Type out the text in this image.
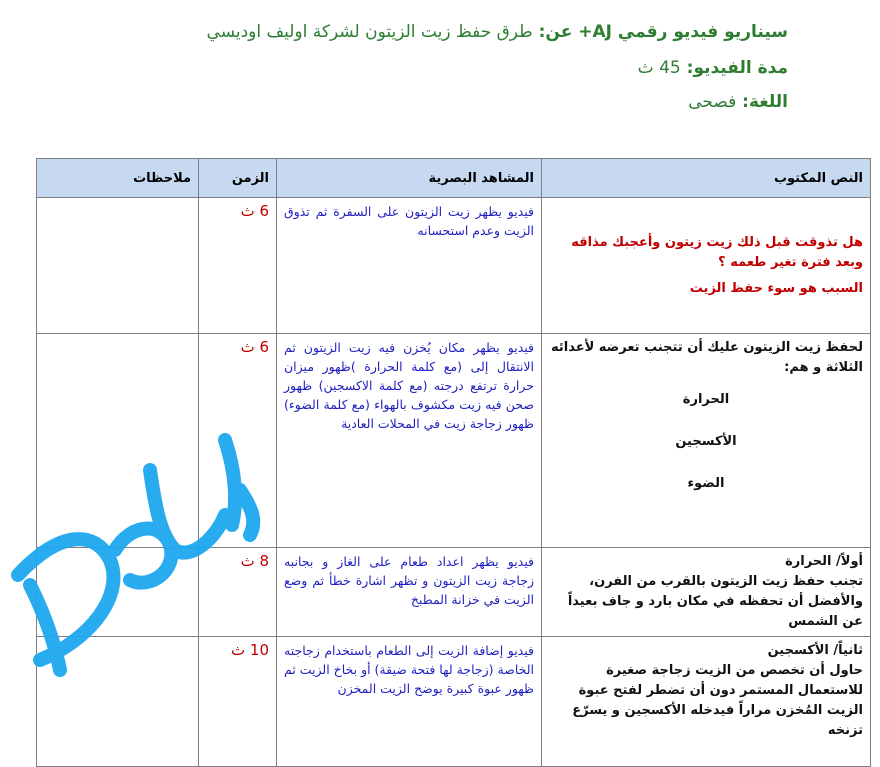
سيناريو فيديو رقمي AJ+ عن: طرق حفظ زيت الزيتون لشركة اوليف اوديسي
مدة الفيديو: 45 ث
اللغة: فصحى
النص المكتوب	المشاهد البصرية	الزمن	ملاحظات

هل تذوقت قبل ذلك زيت زيتون وأعجبك مذاقه وبعد فترة تغير طعمه ؟
السبب هو سوء حفظ الزيت	فيديو يظهر زيت الزيتون على السفرة ثم تذوق الزيت وعدم استحسانه	6 ث	

لحفظ زيت الزيتون عليك أن تتجنب تعرضه لأعدائه الثلاثة و هم:
الحرارة
الأكسجين
الضوء	فيديو يظهر مكان يُخزن فيه زيت الزيتون ثم الانتقال إلى (مع كلمة الحرارة )ظهور ميزان حرارة ترتفع درجته (مع كلمة الاكسجين) ظهور صحن فيه زيت مكشوف بالهواء (مع كلمة الضوء) ظهور زجاجة زيت في المحلات العادية	6 ث	

أولاً/ الحرارة
تجنب حفظ زيت الزيتون بالقرب من الفرن، والأفضل أن تحفظه في مكان بارد و جاف بعيداً عن الشمس	فيديو يظهر اعداد طعام على الغاز و بجانبه زجاجة زيت الزيتون و تظهر اشارة خطأ ثم وضع الزيت في خزانة المطبخ	8 ث	

ثانياً/ الأكسجين
حاول أن تخصص من الزيت زجاجة صغيرة للاستعمال المستمر دون أن تضطر لفتح عبوة الزيت المُخزن مراراً فيدخله الأكسجين و يسرّع تزنخه	فيديو إضافة الزيت إلى الطعام باستخدام زجاجته الخاصة (زجاجة لها فتحة ضيقة) أو بخاخ الزيت ثم ظهور عبوة كبيرة يوضح الزيت المخزن	10 ث	
